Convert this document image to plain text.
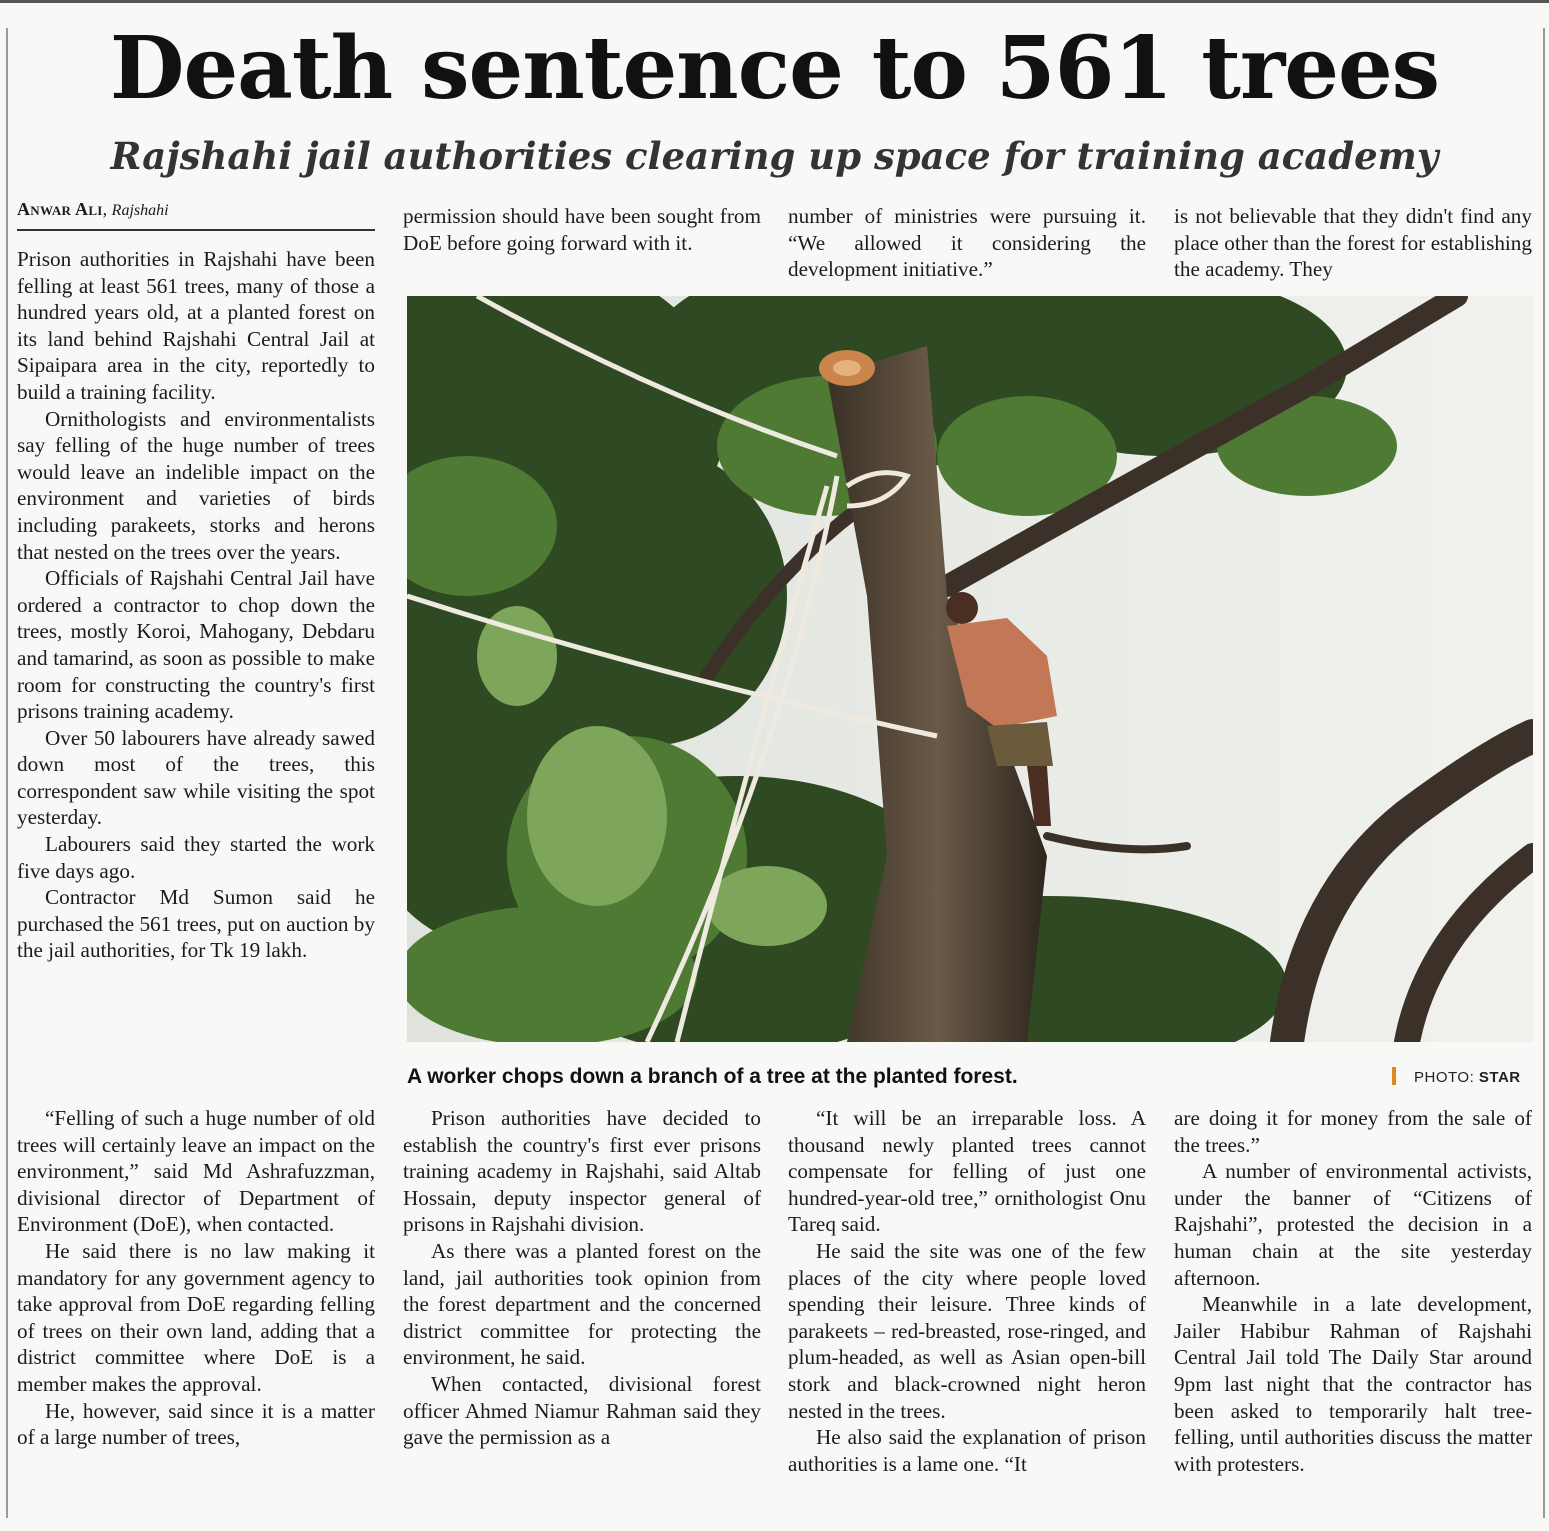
Death sentence to 561 trees
Rajshahi jail authorities clearing up space for training academy
Anwar Ali, Rajshahi

Prison authorities in Rajshahi have been felling at least 561 trees, many of those a hundred years old, at a planted forest on its land behind Rajshahi Central Jail at Sipaipara area in the city, reportedly to build a training facility.

Ornithologists and environmentalists say felling of the huge number of trees would leave an indelible impact on the environment and varieties of birds including parakeets, storks and herons that nested on the trees over the years.

Officials of Rajshahi Central Jail have ordered a contractor to chop down the trees, mostly Koroi, Mahogany, Debdaru and tamarind, as soon as possible to make room for constructing the country's first prisons training academy.

Over 50 labourers have already sawed down most of the trees, this correspondent saw while visiting the spot yesterday.

Labourers said they started the work five days ago.

Contractor Md Sumon said he purchased the 561 trees, put on auction by the jail authorities, for Tk 19 lakh.

“Felling of such a huge number of old trees will certainly leave an impact on the environment,” said Md Ashrafuzzman, divisional director of Department of Environment (DoE), when contacted.

He said there is no law making it mandatory for any government agency to take approval from DoE regarding felling of trees on their own land, adding that a district committee where DoE is a member makes the approval.

He, however, said since it is a matter of a large number of trees,

permission should have been sought from DoE before going forward with it.

Prison authorities have decided to establish the country's first ever prisons training academy in Rajshahi, said Altab Hossain, deputy inspector general of prisons in Rajshahi division.

As there was a planted forest on the land, jail authorities took opinion from the forest department and the concerned district committee for protecting the environment, he said.

When contacted, divisional forest officer Ahmed Niamur Rahman said they gave the permission as a

number of ministries were pursuing it. “We allowed it considering the development initiative.”

“It will be an irreparable loss. A thousand newly planted trees cannot compensate for felling of just one hundred-year-old tree,” ornithologist Onu Tareq said.

He said the site was one of the few places of the city where people loved spending their leisure. Three kinds of parakeets – red-breasted, rose-ringed, and plum-headed, as well as Asian open-bill stork and black-crowned night heron nested in the trees.

He also said the explanation of prison authorities is a lame one. “It

is not believable that they didn't find any place other than the forest for establishing the academy. They

are doing it for money from the sale of the trees.”

A number of environmental activists, under the banner of “Citizens of Rajshahi”, protested the decision in a human chain at the site yesterday afternoon.

Meanwhile in a late development, Jailer Habibur Rahman of Rajshahi Central Jail told The Daily Star around 9pm last night that the contractor has been asked to temporarily halt tree-felling, until authorities discuss the matter with protesters.

A worker chops down a branch of a tree at the planted forest.	PHOTO: STAR
